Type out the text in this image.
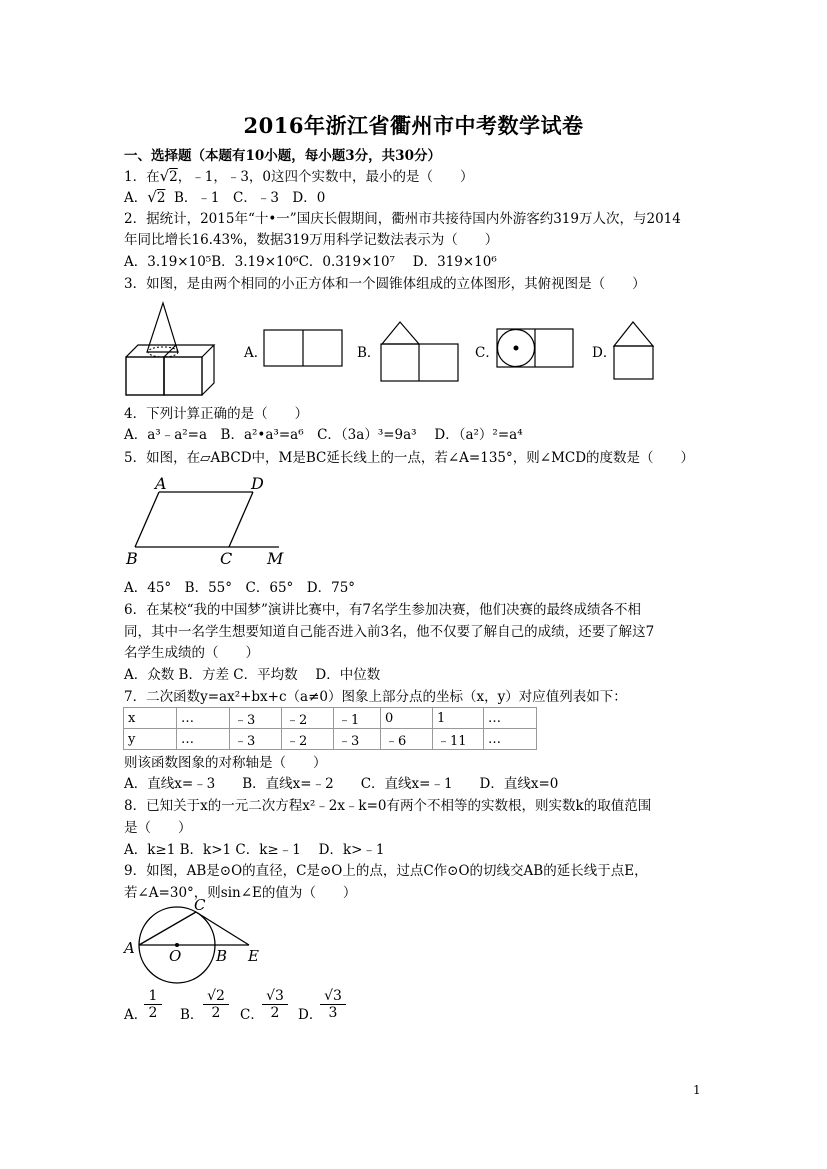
2016年浙江省衢州市中考数学试卷
一、选择题（本题有10小题，每小题3分，共30分）
1．在√2，﹣1，﹣3，0这四个实数中，最小的是（　　）
A．√2 B．﹣1　C．﹣3　D．0
2．据统计，2015年“十•一”国庆长假期间，衢州市共接待国内外游客约319万人次，与2014
年同比增长16.43%，数据319万用科学记数法表示为（　　）
A．3.19×10⁵B．3.19×10⁶C．0.319×10⁷　 D．319×10⁶
3．如图，是由两个相同的小正方体和一个圆锥体组成的立体图形，其俯视图是（　　）
A．	B．	C．	D．
4．下列计算正确的是（　　）
A．a³﹣a²=a　B．a²•a³=a⁶　C．（3a）³=9a³　 D．（a²）²=a⁴
5．如图，在▱ABCD中，M是BC延长线上的一点，若∠A=135°，则∠MCD的度数是（　　）
A	D
B	C M
A．45°　B．55°　C．65°　D．75°
6．在某校“我的中国梦”演讲比赛中，有7名学生参加决赛，他们决赛的最终成绩各不相
同，其中一名学生想要知道自己能否进入前3名，他不仅要了解自己的成绩，还要了解这7
名学生成绩的（　　）
A．众数 B．方差 C．平均数　 D．中位数
7．二次函数y=ax²+bx+c（a≠0）图象上部分点的坐标（x，y）对应值列表如下：
x	…	﹣3	﹣2	﹣1	0	1	…
y	…	﹣3	﹣2	﹣3	﹣6	﹣11	…
则该函数图象的对称轴是（　　）
A．直线x=﹣3　　B．直线x=﹣2　　C．直线x=﹣1　　D．直线x=0
8．已知关于x的一元二次方程x²﹣2x﹣k=0有两个不相等的实数根，则实数k的取值范围
是（　　）
A．k≥1 B．k>1 C．k≥﹣1　 D．k>﹣1
9．如图，AB是⊙O的直径，C是⊙O上的点，过点C作⊙O的切线交AB的延长线于点E，
若∠A=30°，则sin∠E的值为（　　）
C
A O B E
A．
$\frac{1}{2}$ B． $\frac{√2}{2}$ C．
$\frac{√3}{2}$ D．
$\frac{√3}{3}$
1
